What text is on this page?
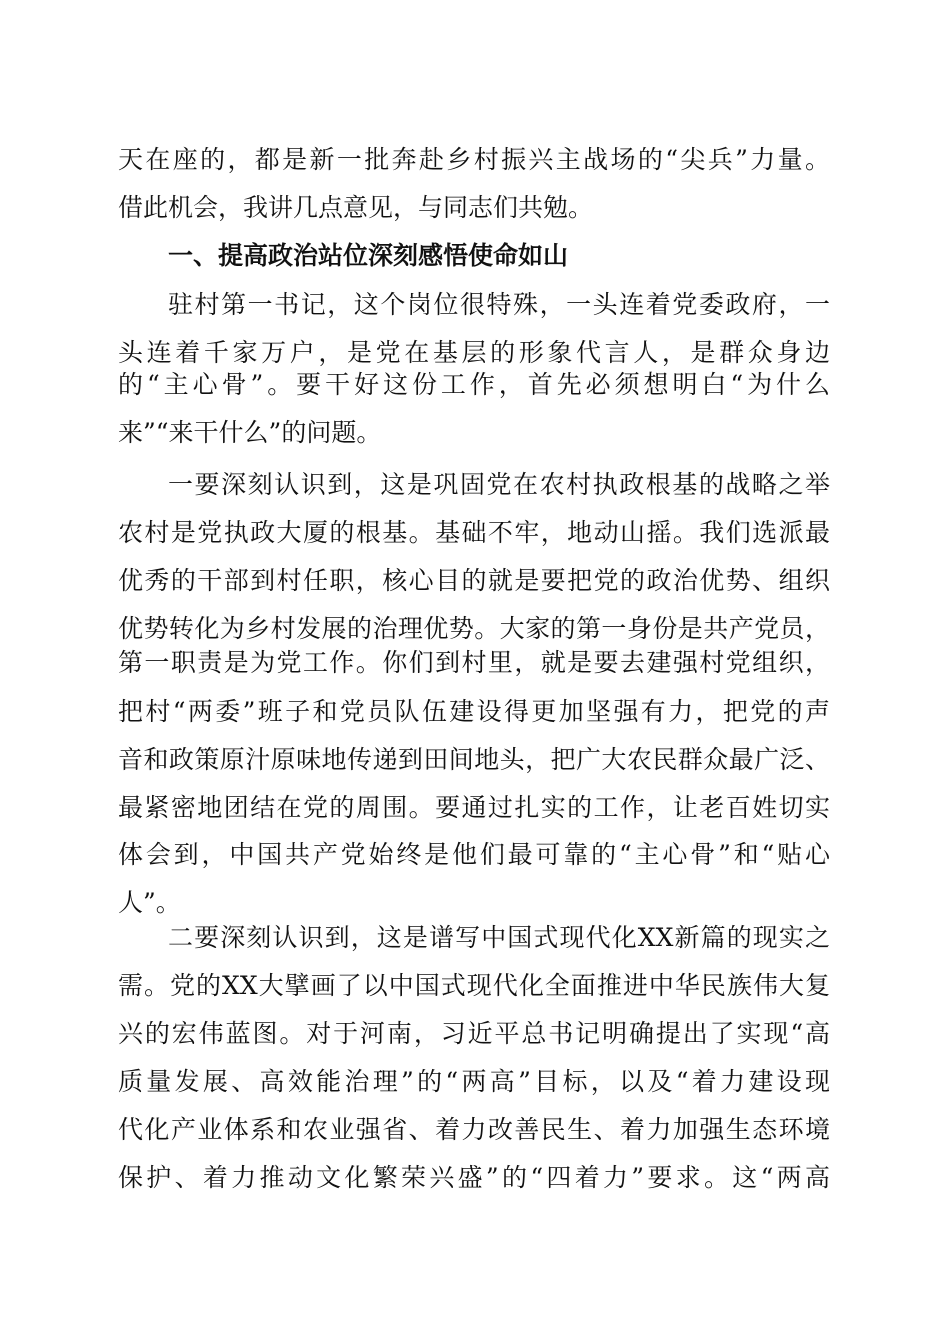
天在座的，都是新一批奔赴乡村振兴主战场的“尖兵”力量。
借此机会，我讲几点意见，与同志们共勉。
一、提高政治站位深刻感悟使命如山
驻村第一书记，这个岗位很特殊，一头连着党委政府，一
头连着千家万户，是党在基层的形象代言人，是群众身边
的“主心骨”。要干好这份工作，首先必须想明白“为什么
来”“来干什么”的问题。
一要深刻认识到，这是巩固党在农村执政根基的战略之举
农村是党执政大厦的根基。基础不牢，地动山摇。我们选派最
优秀的干部到村任职，核心目的就是要把党的政治优势、组织
优势转化为乡村发展的治理优势。大家的第一身份是共产党员，
第一职责是为党工作。你们到村里，就是要去建强村党组织，
把村“两委”班子和党员队伍建设得更加坚强有力，把党的声
音和政策原汁原味地传递到田间地头，把广大农民群众最广泛、
最紧密地团结在党的周围。要通过扎实的工作，让老百姓切实
体会到，中国共产党始终是他们最可靠的“主心骨”和“贴心
人”。
二要深刻认识到，这是谱写中国式现代化XX新篇的现实之
需。党的XX大擘画了以中国式现代化全面推进中华民族伟大复
兴的宏伟蓝图。对于河南，习近平总书记明确提出了实现“高
质量发展、高效能治理”的“两高”目标，以及“着力建设现
代化产业体系和农业强省、着力改善民生、着力加强生态环境
保护、着力推动文化繁荣兴盛”的“四着力”要求。这“两高
